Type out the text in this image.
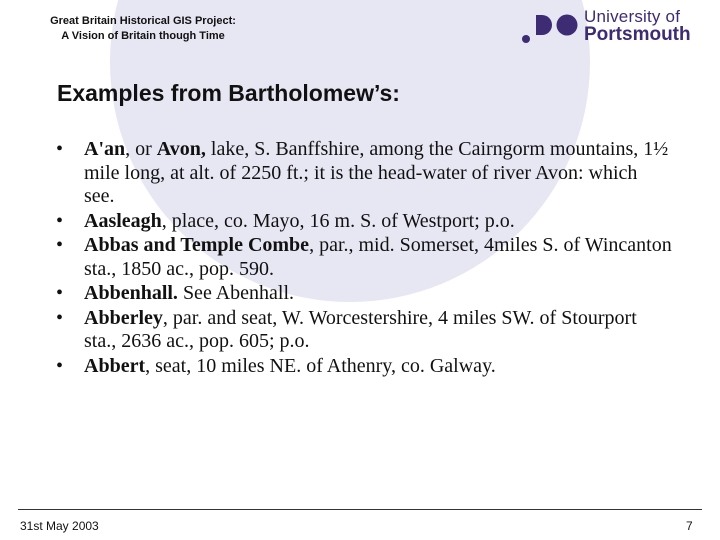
Great Britain Historical GIS Project:
A Vision of Britain though Time
University of
Portsmouth
Examples from Bartholomew’s:
• A'an, or Avon, lake, S. Banffshire, among the Cairngorm mountains, 1½ mile long, at alt. of 2250 ft.; it is the head-water of river Avon: which see.
• Aasleagh, place, co. Mayo, 16 m. S. of Westport; p.o.
• Abbas and Temple Combe, par., mid. Somerset, 4miles S. of Wincanton sta., 1850 ac., pop. 590.
• Abbenhall. See Abenhall.
• Abberley, par. and seat, W. Worcestershire, 4 miles SW. of Stourport sta., 2636 ac., pop. 605; p.o.
• Abbert, seat, 10 miles NE. of Athenry, co. Galway.
31st May 2003	7
